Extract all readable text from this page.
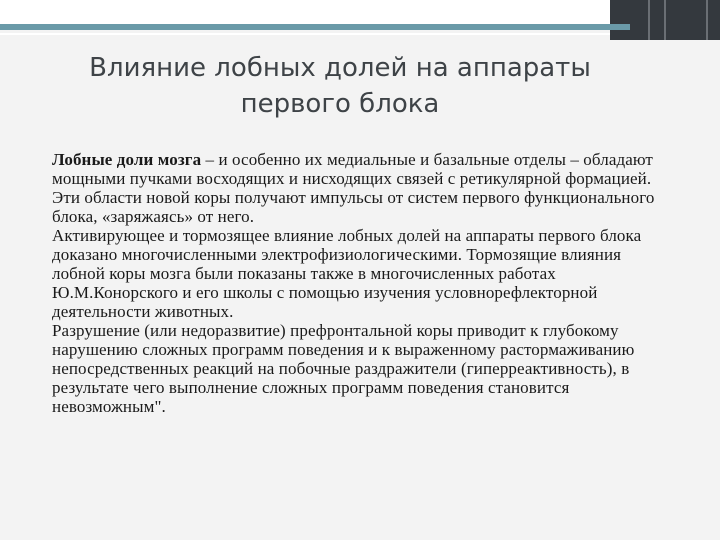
Влияние лобных долей на аппараты
первого блока

Лобные доли мозга – и особенно их медиальные и базальные отделы – обладают мощными пучками восходящих и нисходящих связей с ретикулярной формацией. Эти области новой коры получают импульсы от систем первого функционального блока, «заряжаясь» от него.

Активирующее и тормозящее влияние лобных долей на аппараты первого блока доказано многочисленными электрофизиологическими. Тормозящие влияния лобной коры мозга были показаны также в многочисленных работах Ю.М.Конорского и его школы с помощью изучения условнорефлекторной деятельности животных.

Разрушение (или недоразвитие) префронтальной коры приводит к глубокому нарушению сложных программ поведения и к выраженному растормаживанию непосредственных реакций на побочные раздражители (гиперреактивность), в результате чего выполнение сложных программ поведения становится невозможным".
